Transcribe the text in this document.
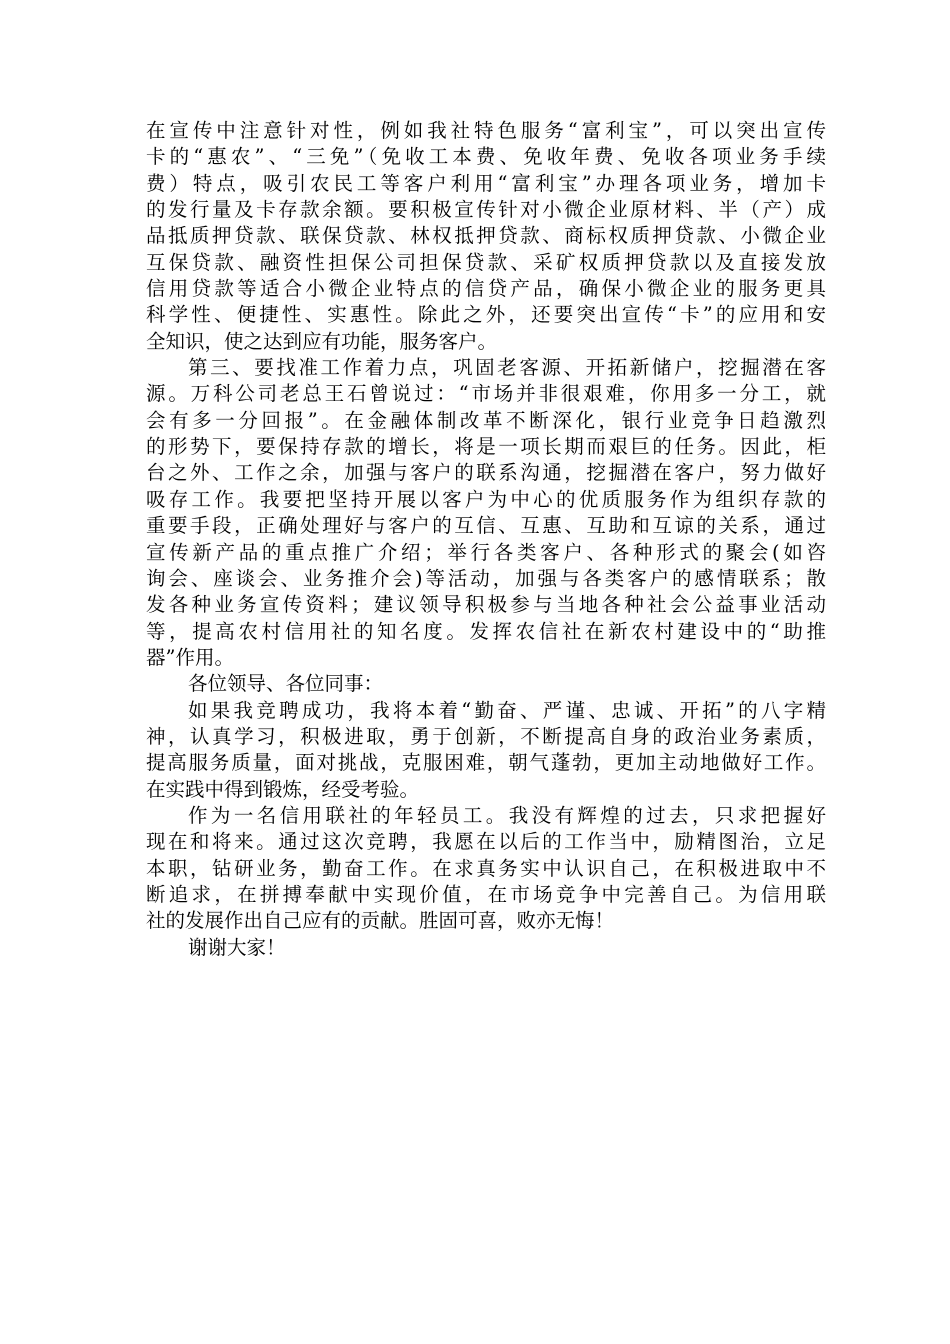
在宣传中注意针对性，例如我社特色服务“富利宝”，可以突出宣传
卡的“惠农”、“三免”（免收工本费、免收年费、免收各项业务手续
费）特点，吸引农民工等客户利用“富利宝”办理各项业务，增加卡
的发行量及卡存款余额。要积极宣传针对小微企业原材料、半（产）成
品抵质押贷款、联保贷款、林权抵押贷款、商标权质押贷款、小微企业
互保贷款、融资性担保公司担保贷款、采矿权质押贷款以及直接发放
信用贷款等适合小微企业特点的信贷产品，确保小微企业的服务更具
科学性、便捷性、实惠性。除此之外，还要突出宣传“卡”的应用和安
全知识，使之达到应有功能，服务客户。
第三、要找准工作着力点，巩固老客源、开拓新储户，挖掘潜在客
源。万科公司老总王石曾说过：“市场并非很艰难，你用多一分工，就
会有多一分回报”。在金融体制改革不断深化，银行业竞争日趋激烈
的形势下，要保持存款的增长，将是一项长期而艰巨的任务。因此，柜
台之外、工作之余，加强与客户的联系沟通，挖掘潜在客户，努力做好
吸存工作。我要把坚持开展以客户为中心的优质服务作为组织存款的
重要手段，正确处理好与客户的互信、互惠、互助和互谅的关系，通过
宣传新产品的重点推广介绍；举行各类客户、各种形式的聚会(如咨
询会、座谈会、业务推介会)等活动，加强与各类客户的感情联系；散
发各种业务宣传资料；建议领导积极参与当地各种社会公益事业活动
等，提高农村信用社的知名度。发挥农信社在新农村建设中的“助推
器”作用。
各位领导、各位同事：
如果我竞聘成功，我将本着“勤奋、严谨、忠诚、开拓”的八字精
神，认真学习，积极进取，勇于创新，不断提高自身的政治业务素质，
提高服务质量，面对挑战，克服困难，朝气蓬勃，更加主动地做好工作。
在实践中得到锻炼，经受考验。
作为一名信用联社的年轻员工。我没有辉煌的过去，只求把握好
现在和将来。通过这次竞聘，我愿在以后的工作当中，励精图治，立足
本职，钻研业务，勤奋工作。在求真务实中认识自己，在积极进取中不
断追求，在拼搏奉献中实现价值，在市场竞争中完善自己。为信用联
社的发展作出自己应有的贡献。胜固可喜，败亦无悔！
谢谢大家！
